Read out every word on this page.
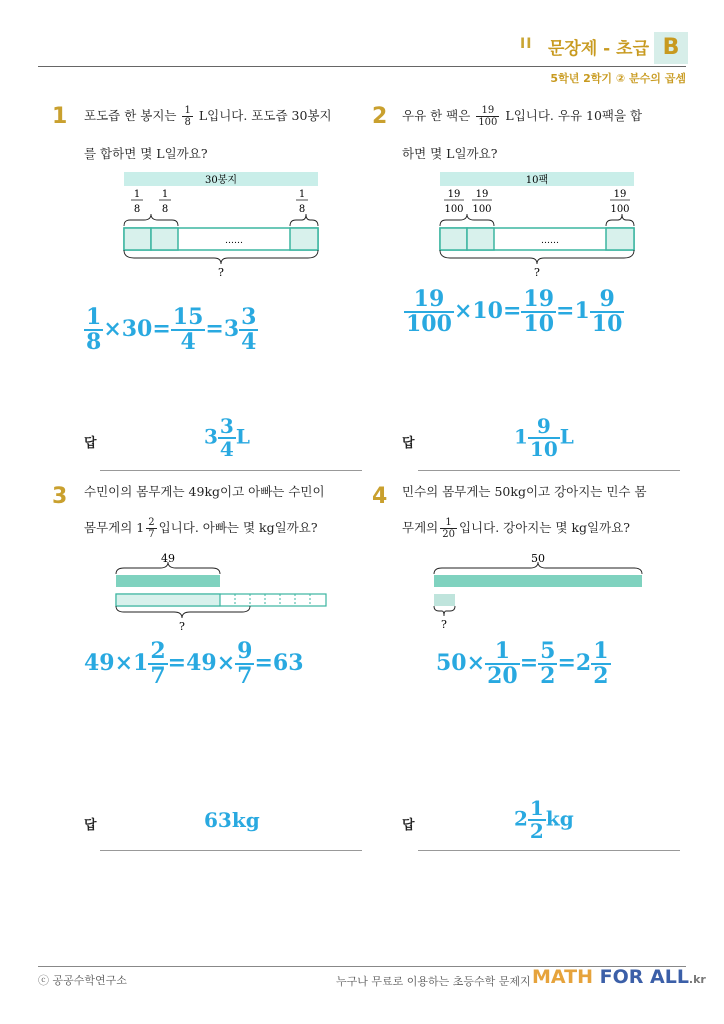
II 문장제 - 초급 B
5학년 2학기 ② 분수의 곱셈
1 포도즙 한 봉지는 $\frac{1}{8}$ L입니다. 포도즙 30봉지
를 합하면 몇 L일까요?
30봉지
1
8
1
8
1
8
……
?
$\frac{1}{8} \times 30= \frac{15}{4} =3 \frac{3}{4}$
답	$3 \frac{3}{4}$ L
2 우유 한 팩은 $\frac{19}{100}$ L입니다. 우유 10팩을 합
하면 몇 L일까요?
10팩
19
100
19
100
19
100
……
?
$\frac{19}{100} \times 10= \frac{19}{10} =1 \frac{9}{10}$
답	$1 \frac{9}{10}$ L
3 수민이의 몸무게는 49kg이고 아빠는 수민이
몸무게의 $1 \frac{2}{7}$ 입니다. 아빠는 몇 kg일까요?
49
?
$49\times 1 \frac{2}{7} =49\times \frac{9}{7} =63$
답	63kg
4 민수의 몸무게는 50kg이고 강아지는 민수 몸
무게의 $\frac{1}{20}$ 입니다. 강아지는 몇 kg일까요?
50
?
$50\times \frac{1}{20} = \frac{5}{2} =2 \frac{1}{2}$
답	$2 \frac{1}{2}$ kg
ⓒ 공공수학연구소	누구나 무료로 이용하는 초등수학 문제지 MATH FOR ALL.kr
